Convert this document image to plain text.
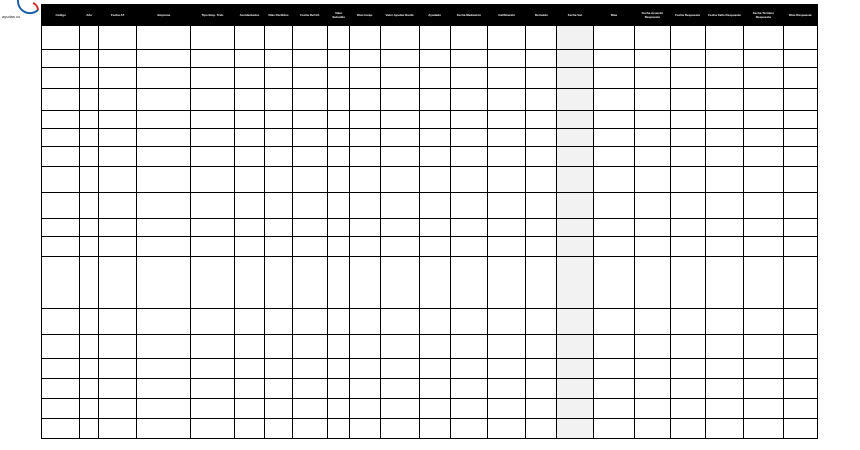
ayudas co	Código	Año	Fecha AT	Empresa	Tipo Emp. Trab.	Accidentados	Días Perdidos	Fecha Ref Inf.	Valor Subsidio	Días Incap.	Valor Ayudas Recib.	Ayudado	Fecha Mediación	Calificación	Derivado	Fecha Val.	Días	Fecha Acuerdo Respuesta	Fecha Respuesta	Fecha Fallo Respuesta	Fecha Término Respuesta	Días Respuesta
